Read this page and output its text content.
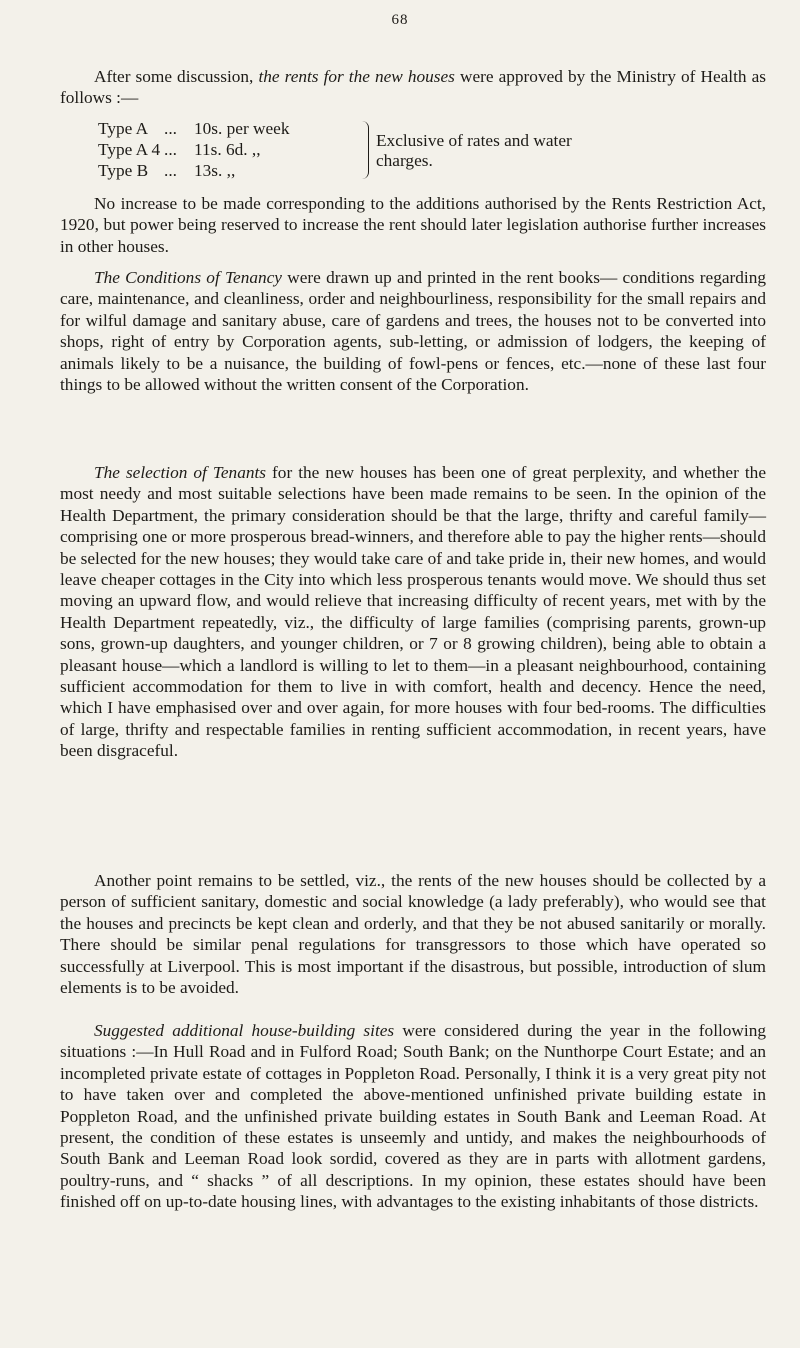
68

After some discussion, the rents for the new houses were approved by the Ministry of Health as follows :—

Type A ... 10s. per week
Type A 4 ... 11s. 6d. ,,
Type B ... 13s. ,,
Exclusive of rates and water charges.

No increase to be made corresponding to the additions authorised by the Rents Restriction Act, 1920, but power being reserved to increase the rent should later legislation authorise further increases in other houses.

The Conditions of Tenancy were drawn up and printed in the rent books— conditions regarding care, maintenance, and cleanliness, order and neighbourliness, responsibility for the small repairs and for wilful damage and sanitary abuse, care of gardens and trees, the houses not to be converted into shops, right of entry by Corporation agents, sub-letting, or admission of lodgers, the keeping of animals likely to be a nuisance, the building of fowl-pens or fences, etc.—none of these last four things to be allowed without the written consent of the Corporation.

The selection of Tenants for the new houses has been one of great perplexity, and whether the most needy and most suitable selections have been made remains to be seen. In the opinion of the Health Department, the primary consideration should be that the large, thrifty and careful family— comprising one or more prosperous bread-winners, and therefore able to pay the higher rents—should be selected for the new houses; they would take care of and take pride in, their new homes, and would leave cheaper cottages in the City into which less prosperous tenants would move. We should thus set moving an upward flow, and would relieve that increasing difficulty of recent years, met with by the Health Department repeatedly, viz., the difficulty of large families (comprising parents, grown-up sons, grown-up daughters, and younger children, or 7 or 8 growing children), being able to obtain a pleasant house—which a landlord is willing to let to them—in a pleasant neighbourhood, containing sufficient accommodation for them to live in with comfort, health and decency. Hence the need, which I have emphasised over and over again, for more houses with four bed-rooms. The difficulties of large, thrifty and respectable families in renting sufficient accommodation, in recent years, have been disgraceful.

Another point remains to be settled, viz., the rents of the new houses should be collected by a person of sufficient sanitary, domestic and social knowledge (a lady preferably), who would see that the houses and precincts be kept clean and orderly, and that they be not abused sanitarily or morally. There should be similar penal regulations for transgressors to those which have operated so successfully at Liverpool. This is most important if the disastrous, but possible, introduction of slum elements is to be avoided.

Suggested additional house-building sites were considered during the year in the following situations :—In Hull Road and in Fulford Road; South Bank; on the Nunthorpe Court Estate; and an incompleted private estate of cottages in Poppleton Road. Personally, I think it is a very great pity not to have taken over and completed the above-mentioned unfinished private building estate in Poppleton Road, and the unfinished private building estates in South Bank and Leeman Road. At present, the condition of these estates is unseemly and untidy, and makes the neighbourhoods of South Bank and Leeman Road look sordid, covered as they are in parts with allotment gardens, poultry-runs, and “ shacks ” of all descriptions. In my opinion, these estates should have been finished off on up-to-date housing lines, with advantages to the existing inhabitants of those districts.
